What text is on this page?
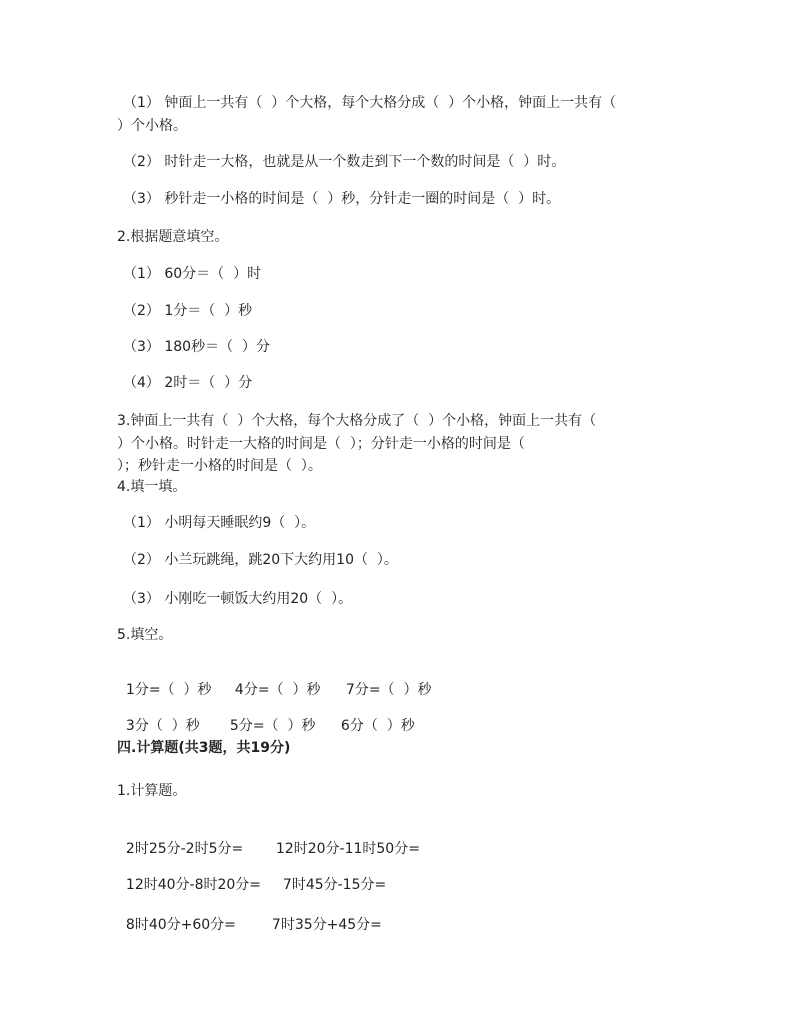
（1） 钟面上一共有（  ）个大格，每个大格分成（  ）个小格，钟面上一共有（

）个小格。

（2） 时针走一大格，也就是从一个数走到下一个数的时间是（  ）时。

（3） 秒针走一小格的时间是（  ）秒，分针走一圈的时间是（  ）时。

2.根据题意填空。

（1） 60分＝（  ）时

（2） 1分＝（  ）秒

（3） 180秒＝（  ）分

（4） 2时＝（  ）分

3.钟面上一共有（  ）个大格，每个大格分成了（  ）个小格，钟面上一共有（

）个小格。时针走一大格的时间是（  ）；分针走一小格的时间是（

）；秒针走一小格的时间是（  ）。

4.填一填。

（1） 小明每天睡眠约9（  ）。

（2） 小兰玩跳绳，跳20下大约用10（  ）。

（3） 小刚吃一顿饭大约用20（  ）。

5.填空。

1分=（  ）秒 4分=（  ）秒 7分=（  ）秒

3分（  ）秒 5分=（  ）秒 6分（  ）秒

四.计算题(共3题，共19分)

1.计算题。

2时25分-2时5分= 12时20分-11时50分=

12时40分-8时20分= 7时45分-15分=

8时40分+60分=	7时35分+45分=
